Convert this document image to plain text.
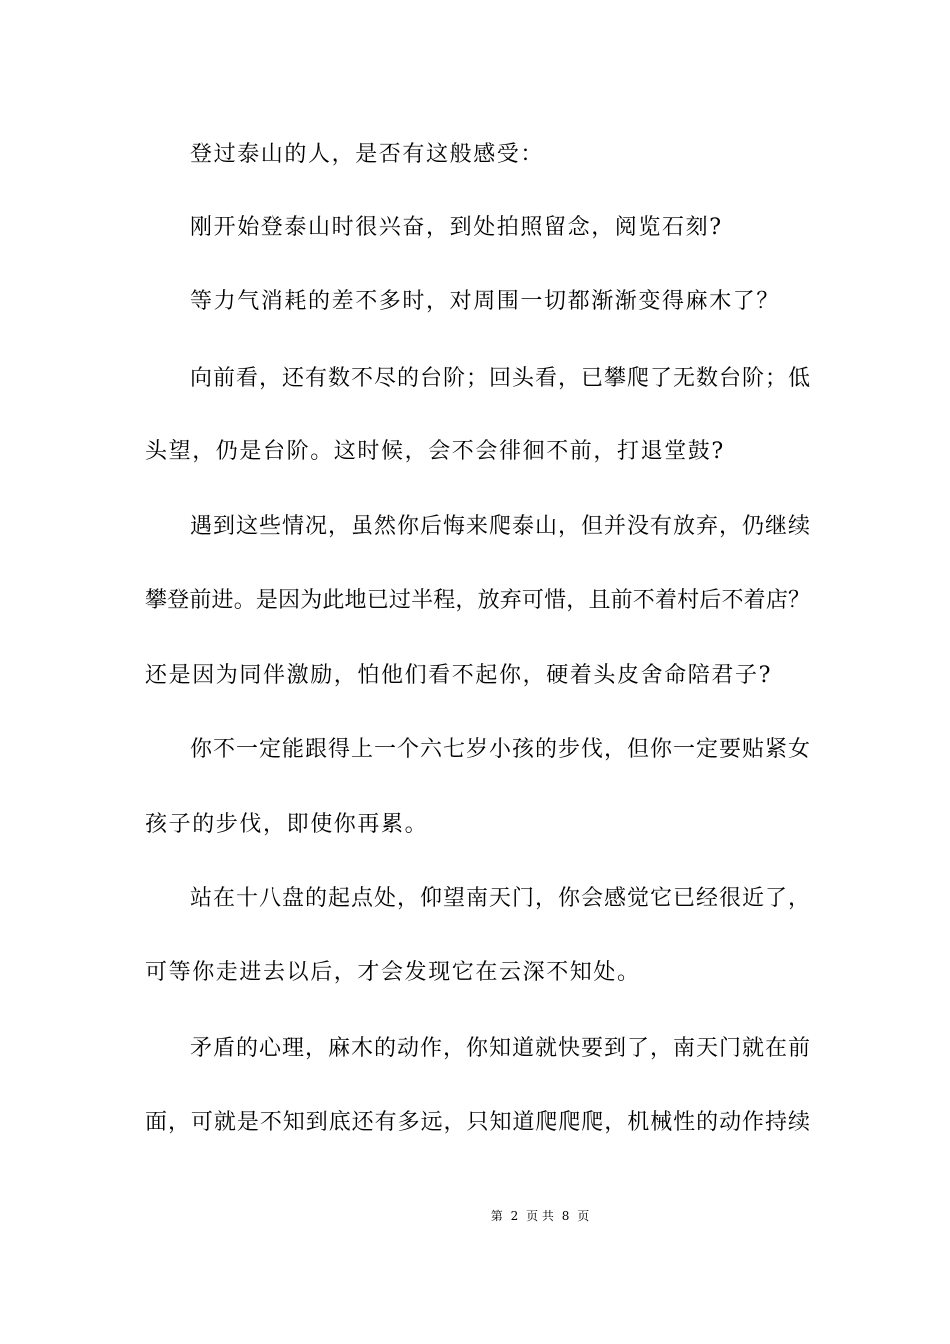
登过泰山的人，是否有这般感受：
刚开始登泰山时很兴奋，到处拍照留念，阅览石刻?
等力气消耗的差不多时，对周围一切都渐渐变得麻木了？
向前看，还有数不尽的台阶；回头看，已攀爬了无数台阶；低
头望，仍是台阶。这时候，会不会徘徊不前，打退堂鼓?
遇到这些情况，虽然你后悔来爬泰山，但并没有放弃，仍继续
攀登前进。是因为此地已过半程，放弃可惜，且前不着村后不着店？
还是因为同伴激励，怕他们看不起你，硬着头皮舍命陪君子?
你不一定能跟得上一个六七岁小孩的步伐，但你一定要贴紧女
孩子的步伐，即使你再累。
站在十八盘的起点处，仰望南天门，你会感觉它已经很近了，
可等你走进去以后，才会发现它在云深不知处。
矛盾的心理，麻木的动作，你知道就快要到了，南天门就在前
面，可就是不知到底还有多远，只知道爬爬爬，机械性的动作持续
第 2 页 共 8 页
